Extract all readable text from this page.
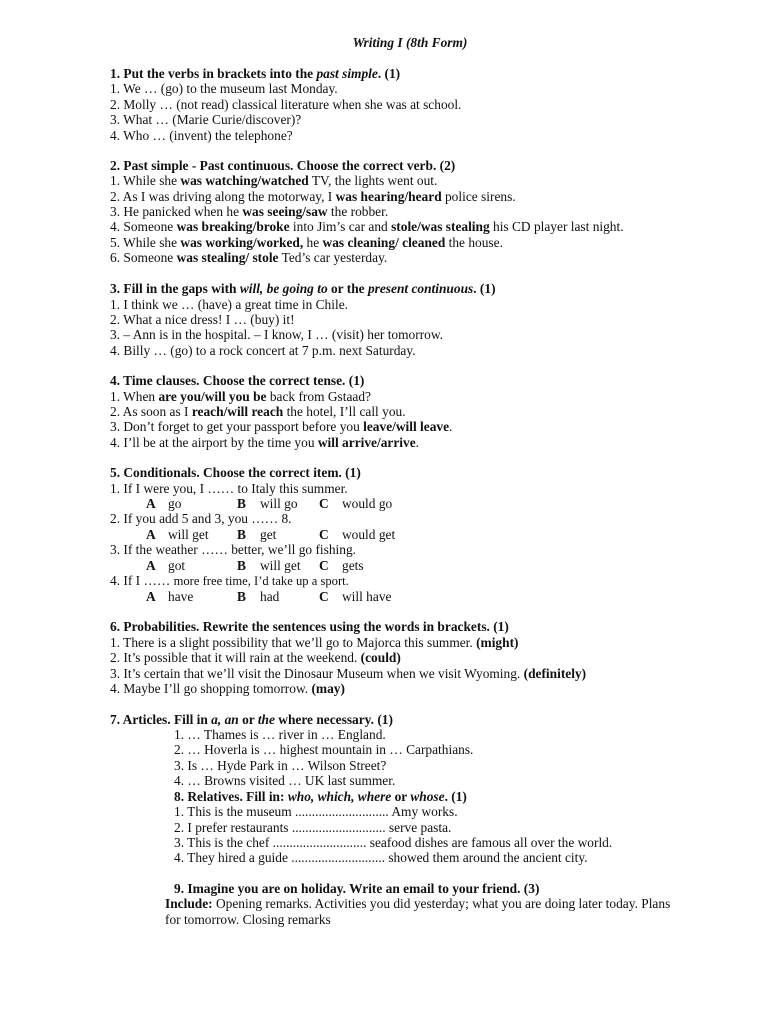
Writing I (8th Form)
1. Put the verbs in brackets into the past simple. (1)
1. We … (go) to the museum last Monday.
2. Molly … (not read) classical literature when she was at school.
3. What … (Marie Curie/discover)?
4. Who … (invent) the telephone?
2. Past simple - Past continuous. Choose the correct verb. (2)
1. While she was watching/watched TV, the lights went out.
2. As I was driving along the motorway, I was hearing/heard police sirens.
3. He panicked when he was seeing/saw the robber.
4. Someone was breaking/broke into Jim’s car and stole/was stealing his CD player last night.
5. While she was working/worked, he was cleaning/ cleaned the house.
6. Someone was stealing/ stole Ted’s car yesterday.
3. Fill in the gaps with will, be going to or the present continuous. (1)
1. I think we … (have) a great time in Chile.
2. What a nice dress! I … (buy) it!
3. – Ann is in the hospital. – I know, I … (visit) her tomorrow.
4. Billy … (go) to a rock concert at 7 p.m. next Saturday.
4. Time clauses. Choose the correct tense. (1)
1. When are you/will you be back from Gstaad?
2. As soon as I reach/will reach the hotel, I’ll call you.
3. Don’t forget to get your passport before you leave/will leave.
4. I’ll be at the airport by the time you will arrive/arrive.
5. Conditionals. Choose the correct item. (1)
1. If I were you, I …… to Italy this summer.
A go	B will go C would go
2. If you add 5 and 3, you …… 8.
A will get B get	C would get
3. If the weather …… better, we’ll go fishing.
A got	B will get C gets
4. If I …… more free time, I’d take up a sport.
A have	B had	C will have
6. Probabilities. Rewrite the sentences using the words in brackets. (1)
1. There is a slight possibility that we’ll go to Majorca this summer. (might)
2. It’s possible that it will rain at the weekend. (could)
3. It’s certain that we’ll visit the Dinosaur Museum when we visit Wyoming. (definitely)
4. Maybe I’ll go shopping tomorrow. (may)
7. Articles. Fill in a, an or the where necessary. (1)
1. … Thames is … river in … England.
2. … Hoverla is … highest mountain in … Carpathians.
3. Is … Hyde Park in … Wilson Street?
4. … Browns visited … UK last summer.
8. Relatives. Fill in: who, which, where or whose. (1)
1. This is the museum ............................ Amy works.
2. I prefer restaurants ............................ serve pasta.
3. This is the chef ............................ seafood dishes are famous all over the world.
4. They hired a guide ............................ showed them around the ancient city.
9. Imagine you are on holiday. Write an email to your friend. (3)
Include: Opening remarks. Activities you did yesterday; what you are doing later today. Plans
for tomorrow. Closing remarks
